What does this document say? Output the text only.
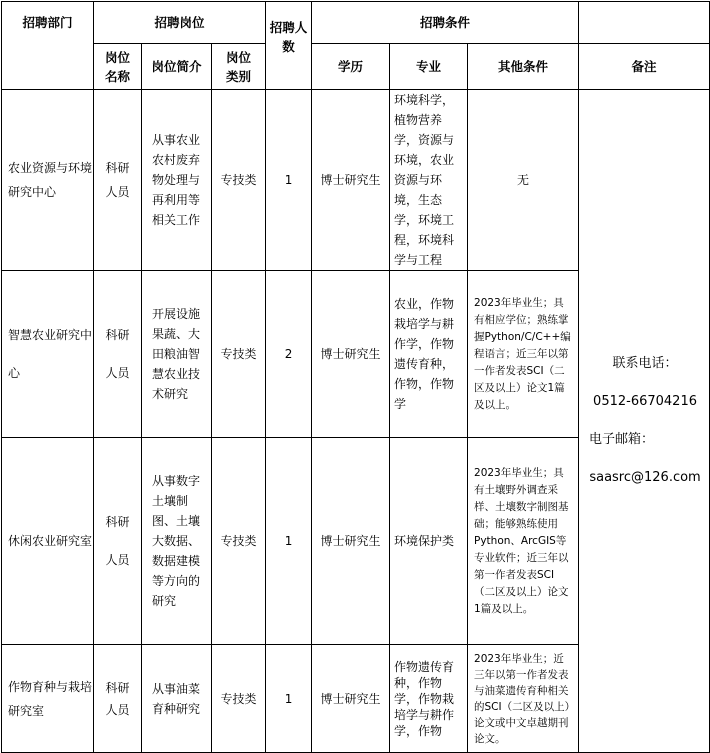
招聘部门	招聘岗位			招聘人数	招聘条件			
	岗位名称	岗位简介	岗位类别		学历	专业	其他条件	备注
农业资源与环境研究中心	科研人员	从事农业农村废弃物处理与再利用等相关工作	专技类	1	博士研究生	环境科学，植物营养学，资源与环境，农业资源与环境，生态学，环境工程，环境科学与工程	无	联系电话：
0512-66704216
电子邮箱：
saasrc@126.com

智慧农业研究中心	科研人员	开展设施果蔬、大田粮油智慧农业技术研究	专技类	2	博士研究生	农业，作物栽培学与耕作学，作物遗传育种，作物，作物学	2023年毕业生；具有相应学位；熟练掌握Python/C/C++编程语言；近三年以第一作者发表SCI（二区及以上）论文1篇及以上。	
休闲农业研究室	科研人员	从事数字土壤制图、土壤大数据、数据建模等方向的研究	专技类	1	博士研究生	环境保护类	2023年毕业生；具有土壤野外调查采样、土壤数字制图基础；能够熟练使用Python、ArcGIS等专业软件；近三年以第一作者发表SCI（二区及以上）论文1篇及以上。	
作物育种与栽培研究室	科研人员	从事油菜育种研究	专技类	1	博士研究生	作物遗传育种，作物学，作物栽培学与耕作学，作物	2023年毕业生；近三年以第一作者发表与油菜遗传育种相关的SCI（二区及以上）论文或中文卓越期刊论文。	
